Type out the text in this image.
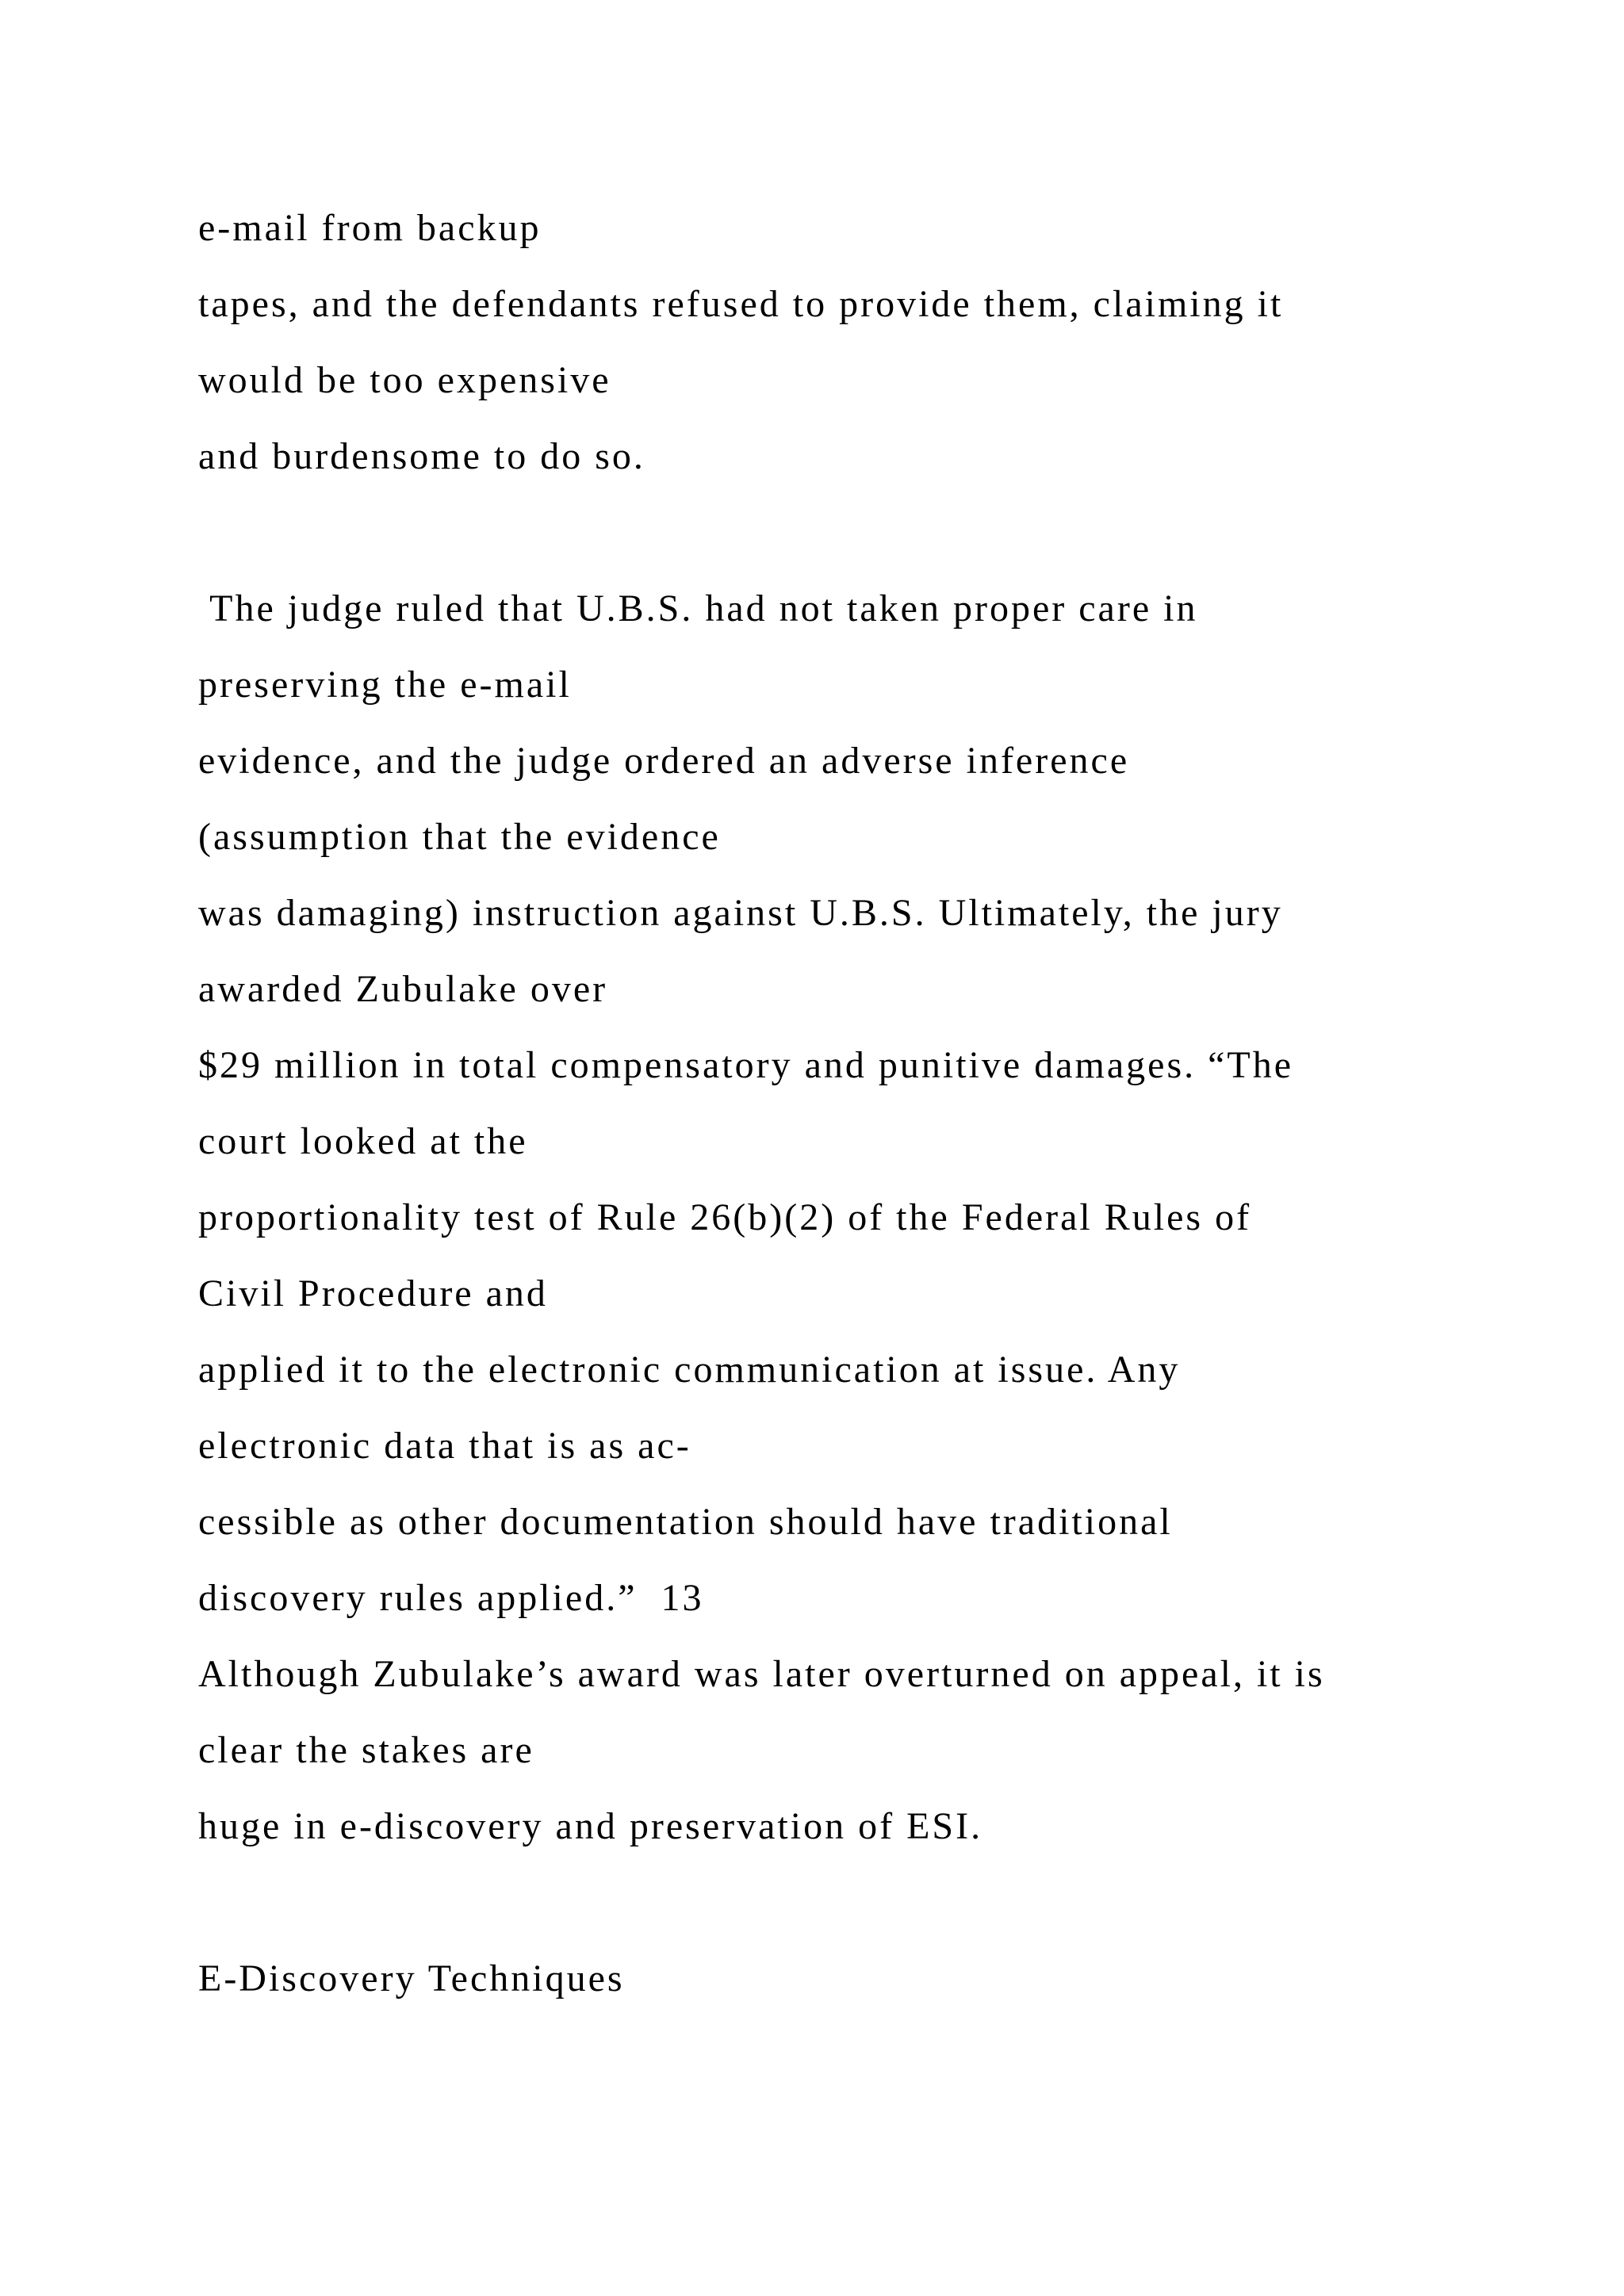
e-mail from backup
tapes, and the defendants refused to provide them, claiming it
would be too expensive
and burdensome to do so.
The judge ruled that U.B.S. had not taken proper care in
preserving the e-mail
evidence, and the judge ordered an adverse inference
(assumption that the evidence
was damaging) instruction against U.B.S. Ultimately, the jury
awarded Zubulake over
$29 million in total compensatory and punitive damages. “The
court looked at the
proportionality test of Rule 26(b)(2) of the Federal Rules of
Civil Procedure and
applied it to the electronic communication at issue. Any
electronic data that is as ac-
cessible as other documentation should have traditional
discovery rules applied.”  13
Although Zubulake’s award was later overturned on appeal, it is
clear the stakes are
huge in e-discovery and preservation of ESI.
E-Discovery Techniques
